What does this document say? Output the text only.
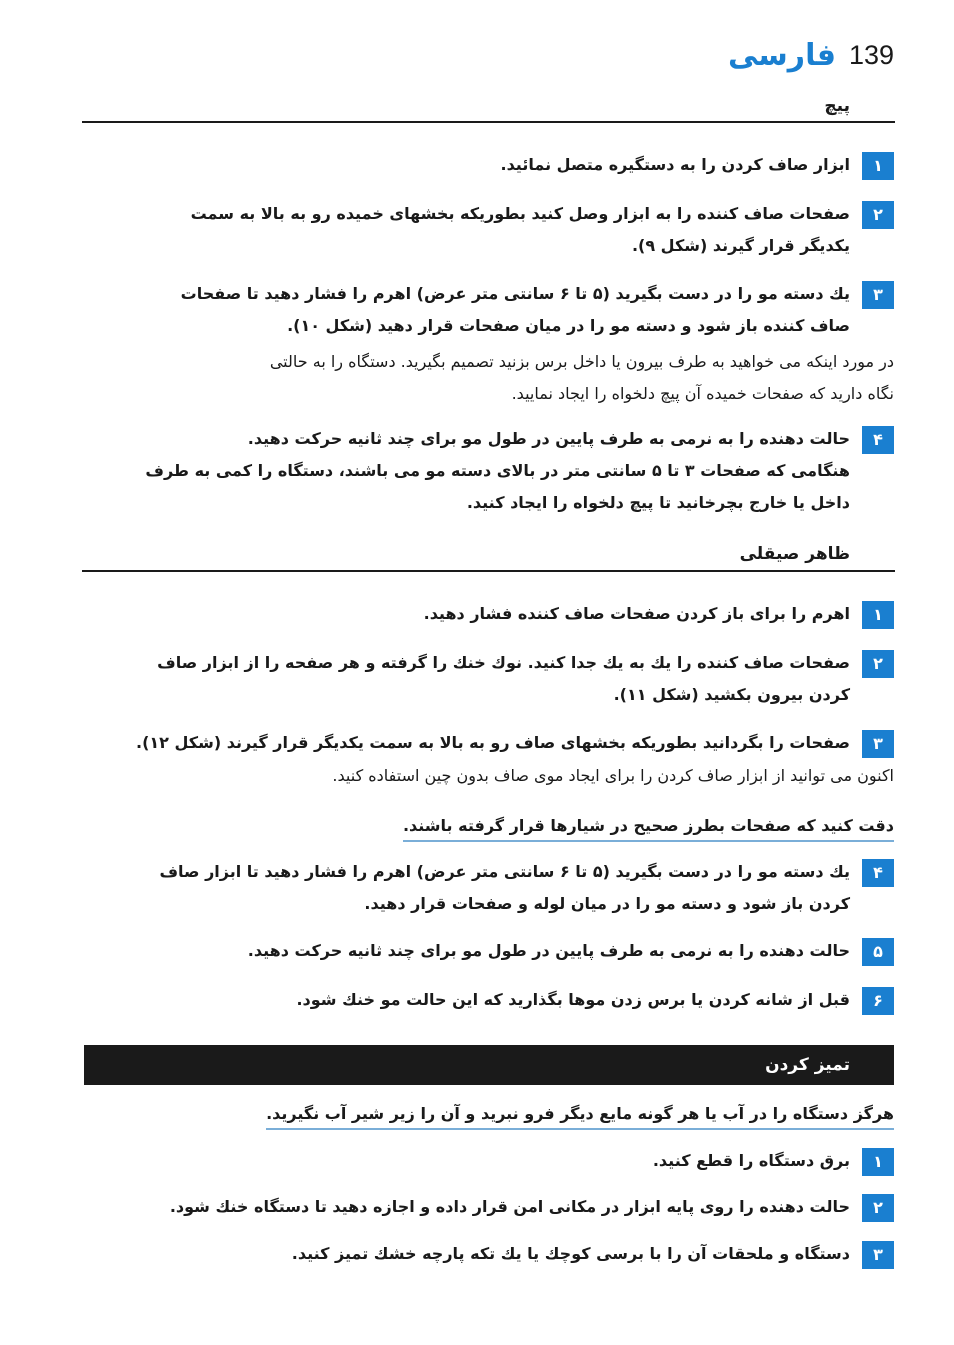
فارسی 139
پیچ
۱
ابزار صاف کردن را به دستگیره متصل نمائید.
۲
صفحات صاف کننده را به ابزار وصل کنید بطوریکه بخشهای خمیده رو به بالا به سمت
یکدیگر قرار گیرند (شکل ۹).
۳
یك دسته مو را در دست بگیرید (۵ تا ۶ سانتی متر عرض) اهرم را فشار دهید تا صفحات
صاف کننده باز شود و دسته مو را در میان صفحات قرار دهید (شکل ۱۰).
در مورد اینکه می خواهید به طرف بیرون یا داخل برس بزنید تصمیم بگیرید. دستگاه را به حالتی
نگاه دارید که صفحات خمیده آن پیچ دلخواه را ایجاد نمایید.
۴
حالت دهنده را به نرمی به طرف پایین در طول مو برای چند ثانیه حرکت دهید.
هنگامی که صفحات ۳ تا ۵ سانتی متر در بالای دسته مو می باشند، دستگاه را کمی به طرف
داخل یا خارج بچرخانید تا پیچ دلخواه را ایجاد کنید.
ظاهر صیقلی
۱
اهرم را برای باز کردن صفحات صاف کننده فشار دهید.
۲
صفحات صاف کننده را یك به یك جدا کنید. نوك خنك را گرفته و هر صفحه را از ابزار صاف
کردن بیرون بکشید (شکل ۱۱).
۳
صفحات را بگردانید بطوریکه بخشهای صاف رو به بالا به سمت یکدیگر قرار گیرند (شکل ۱۲).
اکنون می توانید از ابزار صاف کردن را برای ایجاد موی صاف بدون چین استفاده کنید.
دقت کنید که صفحات بطرز صحیح در شیارها قرار گرفته باشند.
۴
یك دسته مو را در دست بگیرید (۵ تا ۶ سانتی متر عرض) اهرم را فشار دهید تا ابزار صاف
کردن باز شود و دسته مو را در میان لوله و صفحات قرار دهید.
۵
حالت دهنده را به نرمی به طرف پایین در طول مو برای چند ثانیه حرکت دهید.
۶
قبل از شانه کردن یا برس زدن موها بگذارید که این حالت مو خنك شود.
تمیز کردن
هرگز دستگاه را در آب یا هر گونه مایع دیگر فرو نبرید و آن را زیر شیر آب نگیرید.
۱
برق دستگاه را قطع کنید.
۲
حالت دهنده را روی پایه ابزار در مکانی امن قرار داده و اجازه دهید تا دستگاه خنك شود.
۳
دستگاه و ملحقات آن را با برسی کوچك یا یك تکه پارچه خشك تمیز کنید.
